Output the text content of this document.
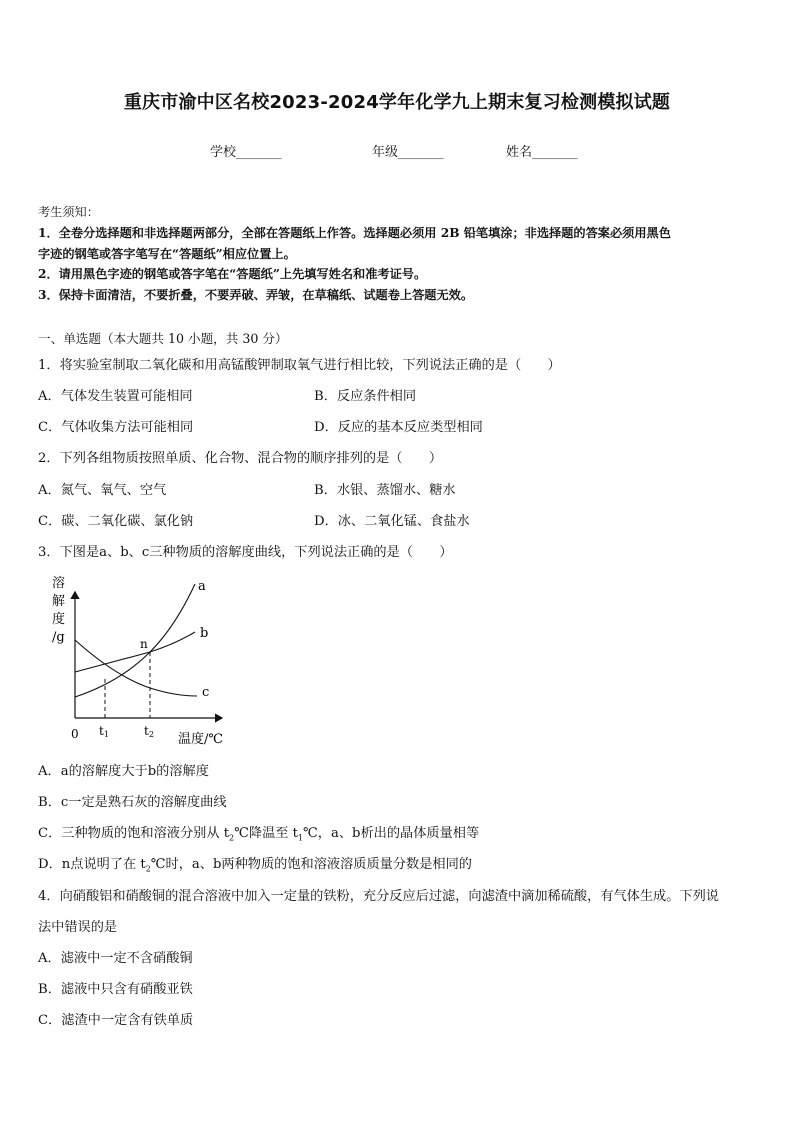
重庆市渝中区名校2023-2024学年化学九上期末复习检测模拟试题
学校_______	年级_______	姓名_______
考生须知：
1．全卷分选择题和非选择题两部分，全部在答题纸上作答。选择题必须用 2B 铅笔填涂；非选择题的答案必须用黑色
字迹的钢笔或答字笔写在“答题纸”相应位置上。
2．请用黑色字迹的钢笔或答字笔在“答题纸”上先填写姓名和准考证号。
3．保持卡面清洁，不要折叠，不要弄破、弄皱，在草稿纸、试题卷上答题无效。
一、单选题（本大题共 10 小题，共 30 分）
1．将实验室制取二氧化碳和用高锰酸钾制取氧气进行相比较，下列说法正确的是（　　）
A．气体发生装置可能相同	B．反应条件相同
C．气体收集方法可能相同	D．反应的基本反应类型相同
2．下列各组物质按照单质、化合物、混合物的顺序排列的是（　　）
A．氮气、氧气、空气	B．水银、蒸馏水、糖水
C．碳、二氧化碳、氯化钠	D．冰、二氧化锰、食盐水
3．下图是a、b、c三种物质的溶解度曲线，下列说法正确的是（　　）
溶
解
度
/g
0 t1	t2
n
a
b
c
温度/℃
A．a的溶解度大于b的溶解度
B．c一定是熟石灰的溶解度曲线
C．三种物质的饱和溶液分别从 $t_2℃$降温至 $t_1℃$，a、b析出的晶体质量相等
D．n点说明了在 $t_2℃$时，a、b两种物质的饱和溶液溶质质量分数是相同的
4．向硝酸铝和硝酸铜的混合溶液中加入一定量的铁粉，充分反应后过滤，向滤渣中滴加稀硫酸，有气体生成。下列说
法中错误的是
A．滤液中一定不含硝酸铜
B．滤液中只含有硝酸亚铁
C．滤渣中一定含有铁单质
